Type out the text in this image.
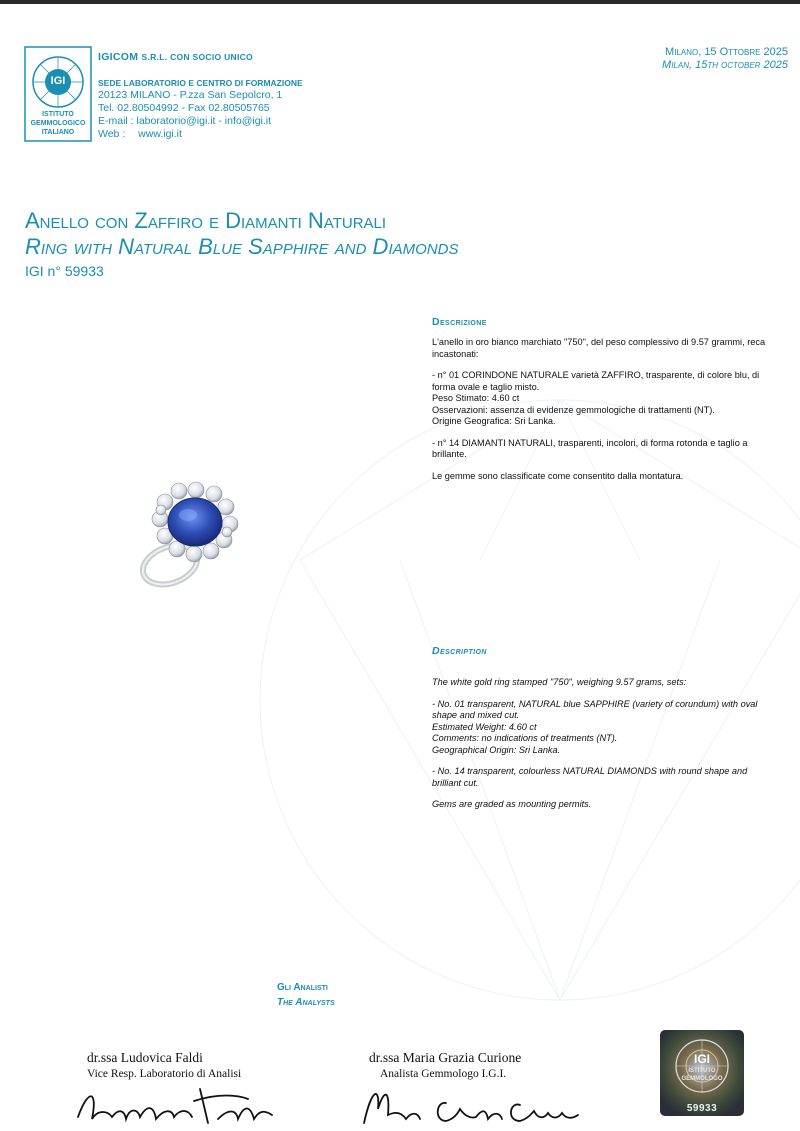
IGI
ISTITUTO
GEMMOLOGICO
ITALIANO
IGICOM S.R.L. CON SOCIO UNICO
SEDE LABORATORIO E CENTRO DI FORMAZIONE
20123 MILANO - P.zza San Sepolcro, 1
Tel. 02.80504992 - Fax 02.80505765
E-mail : laboratorio@igi.it - info@igi.it
Web : www.igi.it
Milano, 15 Ottobre 2025
Milan, 15th october 2025
Anello con Zaffiro e Diamanti Naturali
Ring with Natural Blue Sapphire and Diamonds
IGI n° 59933
Descrizione

L'anello in oro bianco marchiato "750", del peso complessivo di 9.57 grammi, reca
incastonati:

- n° 01 CORINDONE NATURALE varietà ZAFFIRO, trasparente, di colore blu, di
forma ovale e taglio misto.
Peso Stimato: 4.60 ct
Osservazioni: assenza di evidenze gemmologiche di trattamenti (NT).
Origine Geografica: Sri Lanka.

- n° 14 DIAMANTI NATURALI, trasparenti, incolori, di forma rotonda e taglio a
brillante.

Le gemme sono classificate come consentito dalla montatura.

Description

The white gold ring stamped "750", weighing 9.57 grams, sets:

- No. 01 transparent, NATURAL blue SAPPHIRE (variety of corundum) with oval
shape and mixed cut.
Estimated Weight: 4.60 ct
Comments: no indications of treatments (NT).
Geographical Origin: Sri Lanka.

- No. 14 transparent, colourless NATURAL DIAMONDS with round shape and
brilliant cut.

Gems are graded as mounting permits.

Gli Analisti
The Analysts
dr.ssa Ludovica Faldi
Vice Resp. Laboratorio di Analisi
dr.ssa Maria Grazia Curione
Analista Gemmologo I.G.I.
IGI
ISTITUTO
GEMMOLOGO
59933
